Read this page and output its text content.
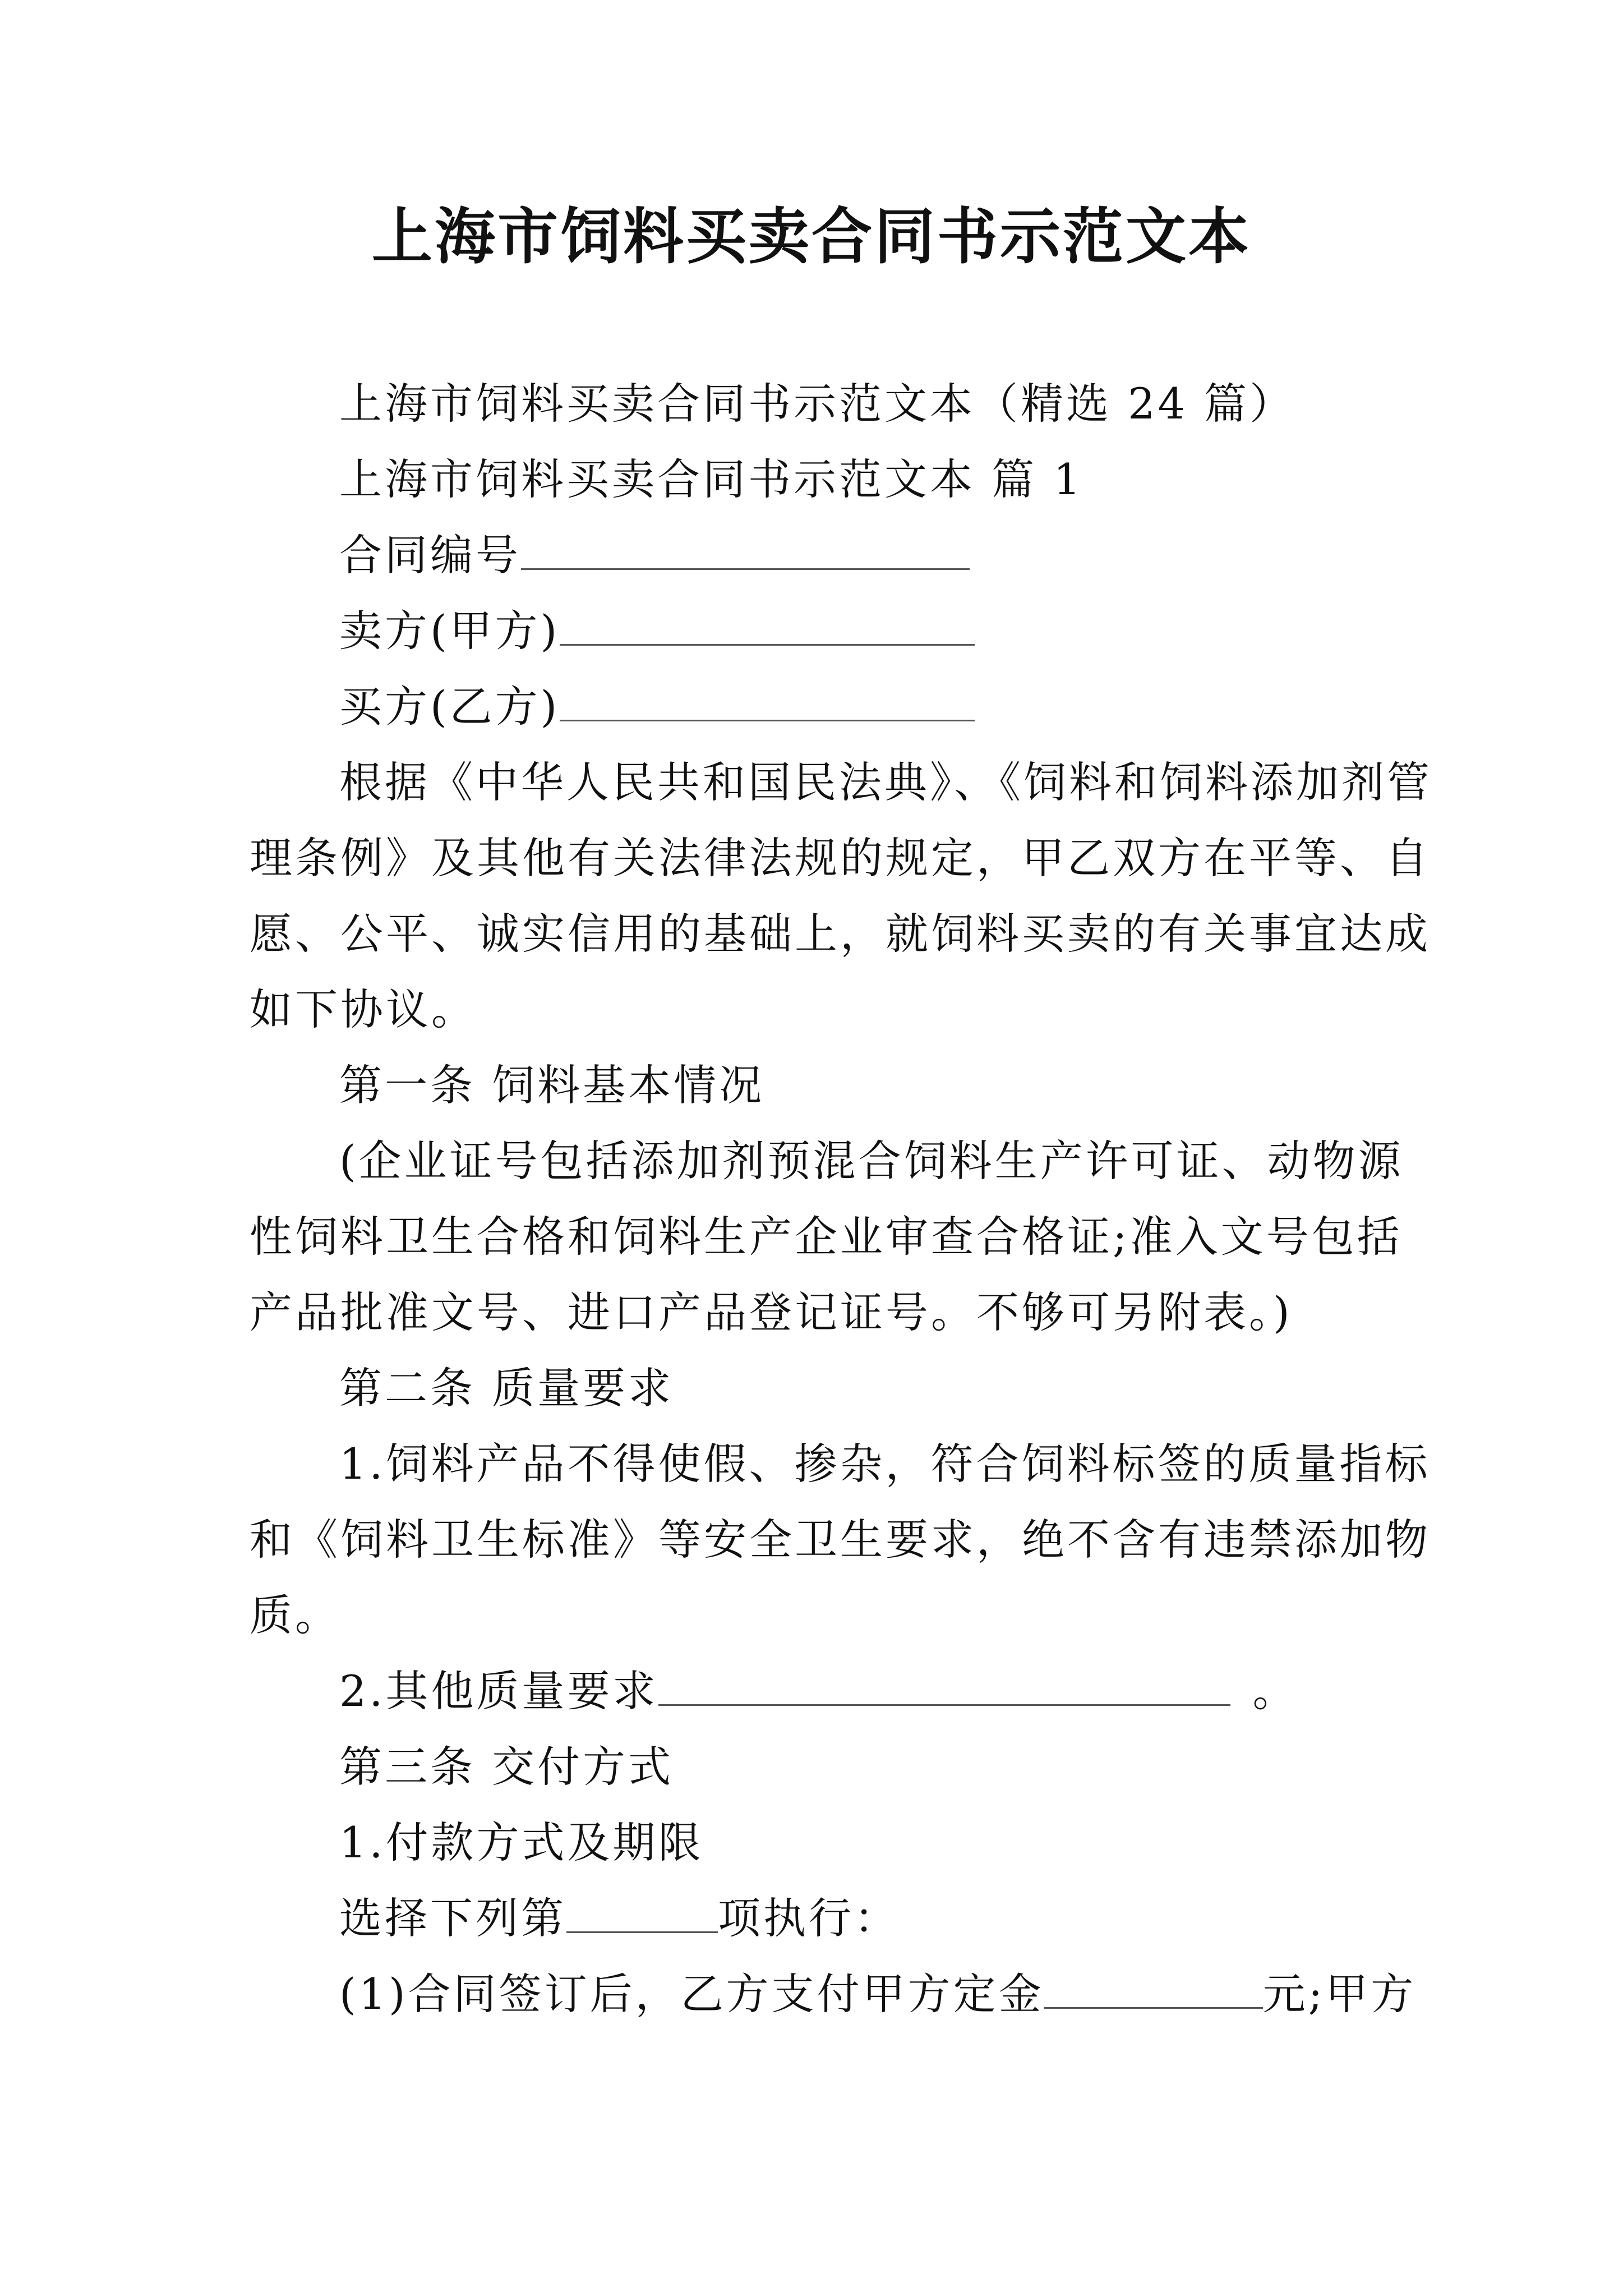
上海市饲料买卖合同书示范文本
上海市饲料买卖合同书示范文本（精选 24 篇）
上海市饲料买卖合同书示范文本 篇 1
合同编号
卖方(甲方)
买方(乙方)
根据《中华人民共和国民法典》、《饲料和饲料添加剂管
理条例》及其他有关法律法规的规定，甲乙双方在平等、自
愿、公平、诚实信用的基础上，就饲料买卖的有关事宜达成
如下协议。
第一条 饲料基本情况
(企业证号包括添加剂预混合饲料生产许可证、动物源
性饲料卫生合格和饲料生产企业审查合格证;准入文号包括
产品批准文号、进口产品登记证号。不够可另附表。)
第二条 质量要求
1.饲料产品不得使假、掺杂，符合饲料标签的质量指标
和《饲料卫生标准》等安全卫生要求，绝不含有违禁添加物
质。
2.其他质量要求	。
第三条 交付方式
1.付款方式及期限
选择下列第	项执行：
(1)合同签订后，乙方支付甲方定金	元;甲方
